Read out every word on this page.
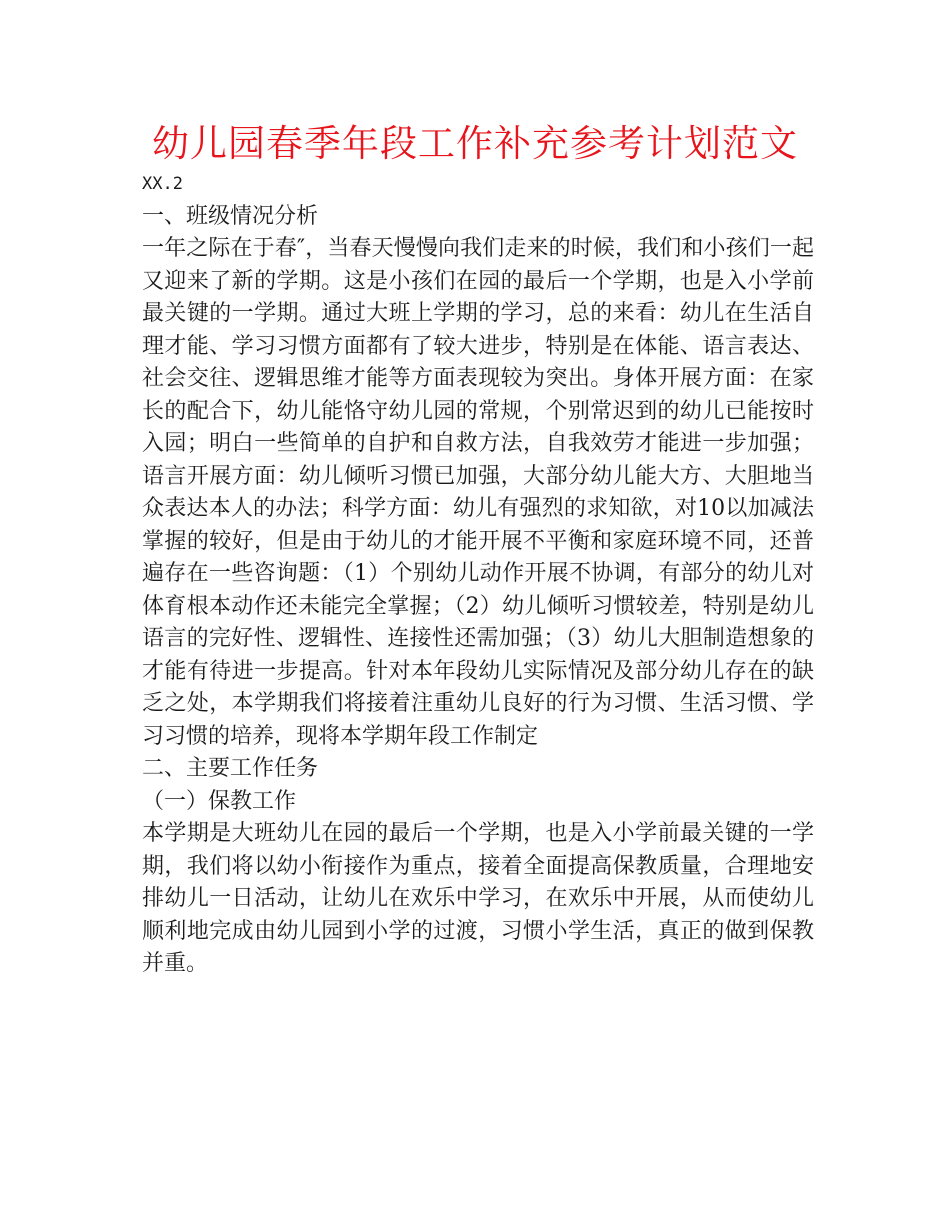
幼儿园春季年段工作补充参考计划范文

XX.2

一、班级情况分析

一年之际在于春″，当春天慢慢向我们走来的时候，我们和小孩们一起又迎来了新的学期。这是小孩们在园的最后一个学期，也是入小学前最关键的一学期。通过大班上学期的学习，总的来看：幼儿在生活自理才能、学习习惯方面都有了较大进步，特别是在体能、语言表达、社会交往、逻辑思维才能等方面表现较为突出。身体开展方面：在家长的配合下，幼儿能恪守幼儿园的常规，个别常迟到的幼儿已能按时入园；明白一些简单的自护和自救方法，自我效劳才能进一步加强；语言开展方面：幼儿倾听习惯已加强，大部分幼儿能大方、大胆地当众表达本人的办法；科学方面：幼儿有强烈的求知欲，对10以加减法掌握的较好，但是由于幼儿的才能开展不平衡和家庭环境不同，还普遍存在一些咨询题：（1）个别幼儿动作开展不协调，有部分的幼儿对体育根本动作还未能完全掌握；（2）幼儿倾听习惯较差，特别是幼儿语言的完好性、逻辑性、连接性还需加强；（3）幼儿大胆制造想象的才能有待进一步提高。针对本年段幼儿实际情况及部分幼儿存在的缺乏之处，本学期我们将接着注重幼儿良好的行为习惯、生活习惯、学习习惯的培养，现将本学期年段工作制定

二、主要工作任务

（一）保教工作

本学期是大班幼儿在园的最后一个学期，也是入小学前最关键的一学期，我们将以幼小衔接作为重点，接着全面提高保教质量，合理地安排幼儿一日活动，让幼儿在欢乐中学习，在欢乐中开展，从而使幼儿顺利地完成由幼儿园到小学的过渡，习惯小学生活，真正的做到保教并重。
